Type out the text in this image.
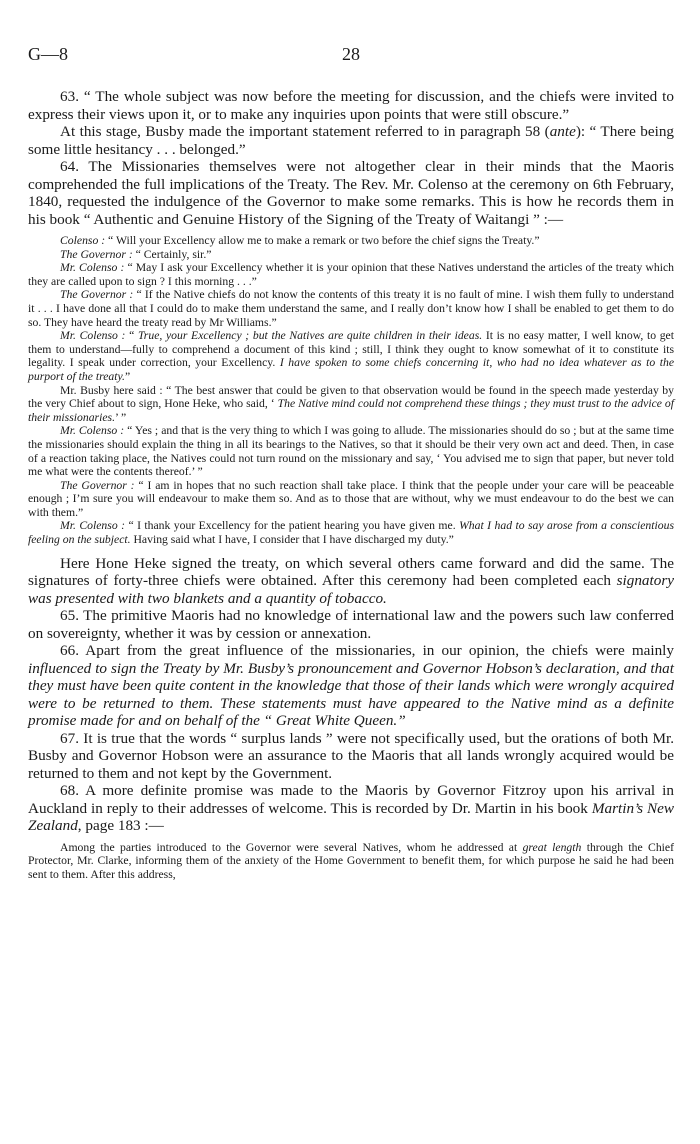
G—8	28

63. “ The whole subject was now before the meeting for discussion, and the chiefs were invited to express their views upon it, or to make any inquiries upon points that were still obscure.”

At this stage, Busby made the important statement referred to in paragraph 58 (ante): “ There being some little hesitancy . . . belonged.”

64. The Missionaries themselves were not altogether clear in their minds that the Maoris comprehended the full implications of the Treaty. The Rev. Mr. Colenso at the ceremony on 6th February, 1840, requested the indulgence of the Governor to make some remarks. This is how he records them in his book “ Authentic and Genuine History of the Signing of the Treaty of Waitangi ” :—

Colenso : “ Will your Excellency allow me to make a remark or two before the chief signs the Treaty.”

The Governor : “ Certainly, sir.”

Mr. Colenso : “ May I ask your Excellency whether it is your opinion that these Natives understand the articles of the treaty which they are called upon to sign ? I this morning . . .”

The Governor : “ If the Native chiefs do not know the contents of this treaty it is no fault of mine. I wish them fully to understand it . . . I have done all that I could do to make them understand the same, and I really don’t know how I shall be enabled to get them to do so. They have heard the treaty read by Mr Williams.”

Mr. Colenso : “ True, your Excellency ; but the Natives are quite children in their ideas. It is no easy matter, I well know, to get them to understand—fully to comprehend a document of this kind ; still, I think they ought to know somewhat of it to constitute its legality. I speak under correction, your Excellency. I have spoken to some chiefs concerning it, who had no idea whatever as to the purport of the treaty.”

Mr. Busby here said : “ The best answer that could be given to that observation would be found in the speech made yesterday by the very Chief about to sign, Hone Heke, who said, ‘ The Native mind could not comprehend these things ; they must trust to the advice of their missionaries.’ ”

Mr. Colenso : “ Yes ; and that is the very thing to which I was going to allude. The missionaries should do so ; but at the same time the missionaries should explain the thing in all its bearings to the Natives, so that it should be their very own act and deed. Then, in case of a reaction taking place, the Natives could not turn round on the missionary and say, ‘ You advised me to sign that paper, but never told me what were the contents thereof.’ ”

The Governor : “ I am in hopes that no such reaction shall take place. I think that the people under your care will be peaceable enough ; I’m sure you will endeavour to make them so. And as to those that are without, why we must endeavour to do the best we can with them.”

Mr. Colenso : “ I thank your Excellency for the patient hearing you have given me. What I had to say arose from a conscientious feeling on the subject. Having said what I have, I consider that I have discharged my duty.”

Here Hone Heke signed the treaty, on which several others came forward and did the same. The signatures of forty-three chiefs were obtained. After this ceremony had been completed each signatory was presented with two blankets and a quantity of tobacco.

65. The primitive Maoris had no knowledge of international law and the powers such law conferred on sovereignty, whether it was by cession or annexation.

66. Apart from the great influence of the missionaries, in our opinion, the chiefs were mainly influenced to sign the Treaty by Mr. Busby’s pronouncement and Governor Hobson’s declaration, and that they must have been quite content in the knowledge that those of their lands which were wrongly acquired were to be returned to them. These statements must have appeared to the Native mind as a definite promise made for and on behalf of the “ Great White Queen.”

67. It is true that the words “ surplus lands ” were not specifically used, but the orations of both Mr. Busby and Governor Hobson were an assurance to the Maoris that all lands wrongly acquired would be returned to them and not kept by the Government.

68. A more definite promise was made to the Maoris by Governor Fitzroy upon his arrival in Auckland in reply to their addresses of welcome. This is recorded by Dr. Martin in his book Martin’s New Zealand, page 183 :—

Among the parties introduced to the Governor were several Natives, whom he addressed at great length through the Chief Protector, Mr. Clarke, informing them of the anxiety of the Home Government to benefit them, for which purpose he said he had been sent to them. After this address,
